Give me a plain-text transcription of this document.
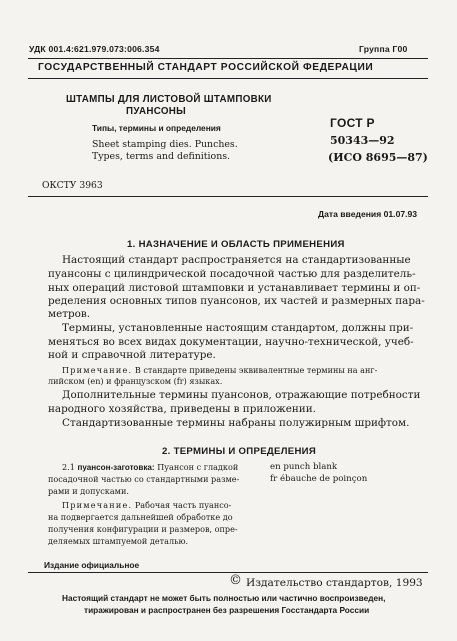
УДК 001.4:621.979.073:006.354	Группа Г00
ГОСУДАРСТВЕННЫЙ СТАНДАРТ РОССИЙСКОЙ ФЕДЕРАЦИИ
ШТАМПЫ ДЛЯ ЛИСТОВОЙ ШТАМПОВКИ
ПУАНСОНЫ
Типы, термины и определения
Sheet stamping dies. Punches.
Types, terms and definitions.
ГОСТ Р
50343—92
(ИСО 8695—87)
ОКСТУ 3963
Дата введения 01.07.93
1. НАЗНАЧЕНИЕ И ОБЛАСТЬ ПРИМЕНЕНИЯ
Настоящий стандарт распространяется на стандартизованные
пуансоны с цилиндрической посадочной частью для разделитель-
ных операций листовой штамповки и устанавливает термины и оп-
ределения основных типов пуансонов, их частей и размерных пара-
метров.
Термины, установленные настоящим стандартом, должны при-
меняться во всех видах документации, научно-технической, учеб-
ной и справочной литературе.
Примечание. В стандарте приведены эквивалентные термины на анг-
лийском (en) и французском (fr) языках.
Дополнительные термины пуансонов, отражающие потребности
народного хозяйства, приведены в приложении.
Стандартизованные термины набраны полужирным шрифтом.
2. ТЕРМИНЫ И ОПРЕДЕЛЕНИЯ
2.1 пуансон-заготовка: Пуансон с гладкой
посадочной частью со стандартными разме-
рами и допусками.
Примечание. Рабочая часть пуансо-
на подвергается дальнейшей обработке до
получения конфигурации и размеров, опре-
деляемых штампуемой деталью.
en punch blank
fr ébauche de poinçon
Издание официальное
© Издательство стандартов, 1993
Настоящий стандарт не может быть полностью или частично воспроизведен,
тиражирован и распространен без разрешения Госстандарта России
